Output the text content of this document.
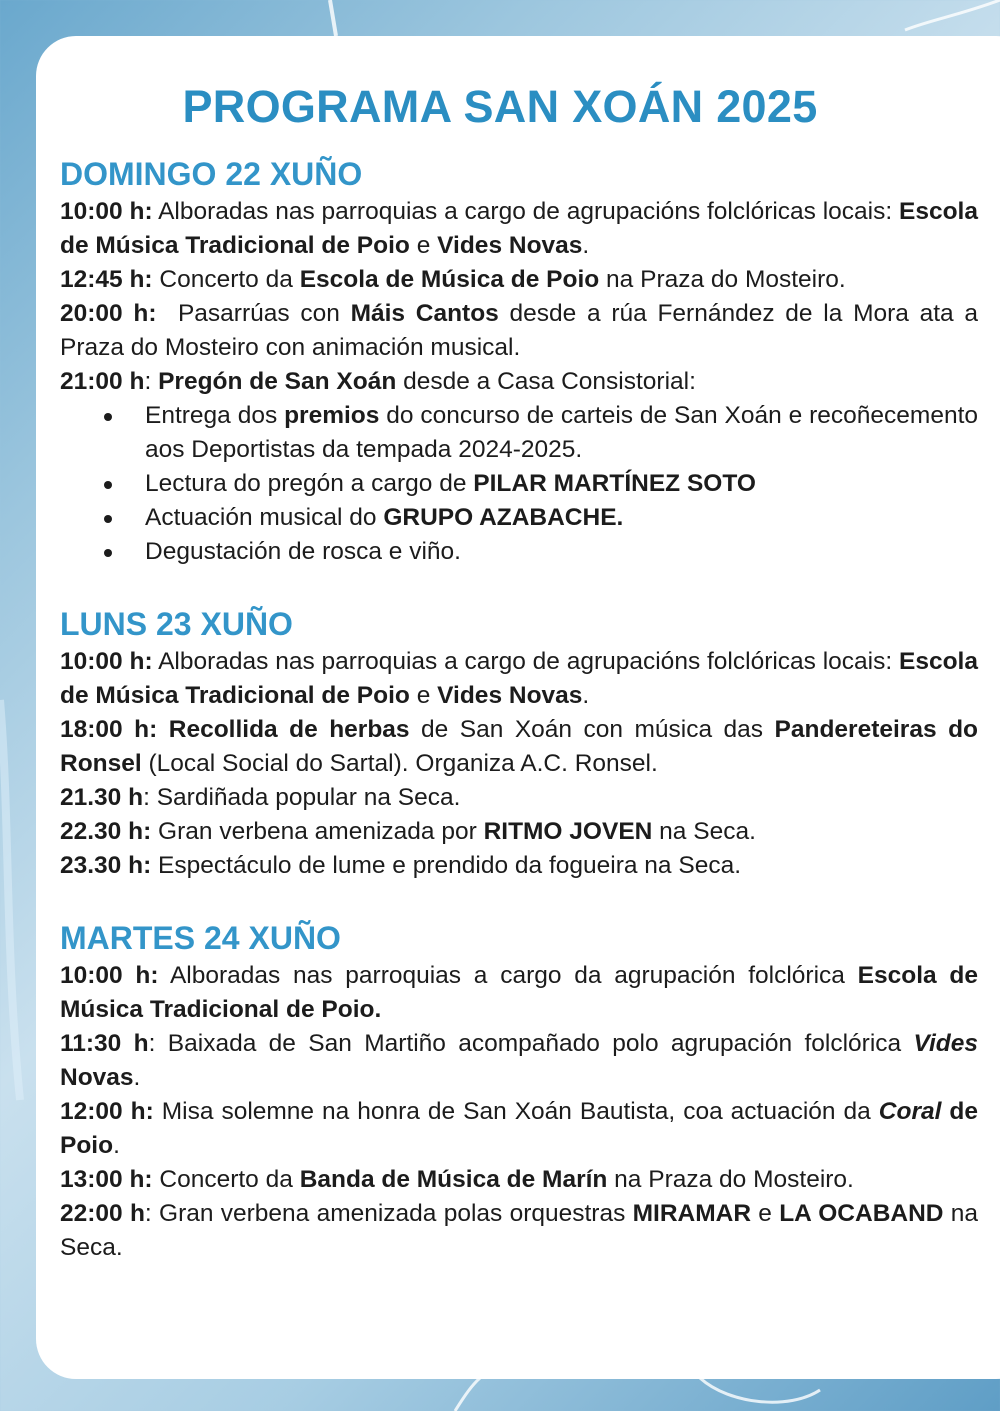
PROGRAMA SAN XOÁN 2025
DOMINGO 22 XUÑO

10:00 h: Alboradas nas parroquias a cargo de agrupacións folclóricas locais: Escola de Música Tradicional de Poio e Vides Novas.

12:45 h: Concerto da Escola de Música de Poio na Praza do Mosteiro.

20:00 h:  Pasarrúas con Máis Cantos desde a rúa Fernández de la Mora ata a Praza do Mosteiro con animación musical.

21:00 h: Pregón de San Xoán desde a Casa Consistorial:

Entrega dos premios do concurso de carteis de San Xoán e recoñecemento aos Deportistas da tempada 2024-2025.
Lectura do pregón a cargo de PILAR MARTÍNEZ SOTO
Actuación musical do GRUPO AZABACHE.
Degustación de rosca e viño.
LUNS 23 XUÑO

10:00 h: Alboradas nas parroquias a cargo de agrupacións folclóricas locais: Escola de Música Tradicional de Poio e Vides Novas.

18:00 h: Recollida de herbas de San Xoán con música das Pandereteiras do Ronsel (Local Social do Sartal). Organiza A.C. Ronsel.

21.30 h: Sardiñada popular na Seca.

22.30 h: Gran verbena amenizada por RITMO JOVEN na Seca.

23.30 h: Espectáculo de lume e prendido da fogueira na Seca.

MARTES 24 XUÑO

10:00 h: Alboradas nas parroquias a cargo da agrupación folclórica Escola de Música Tradicional de Poio.

11:30 h: Baixada de San Martiño acompañado polo agrupación folclórica Vides Novas.

12:00 h: Misa solemne na honra de San Xoán Bautista, coa actuación da Coral de Poio.

13:00 h: Concerto da Banda de Música de Marín na Praza do Mosteiro.

22:00 h: Gran verbena amenizada polas orquestras MIRAMAR e LA OCABAND na Seca.
